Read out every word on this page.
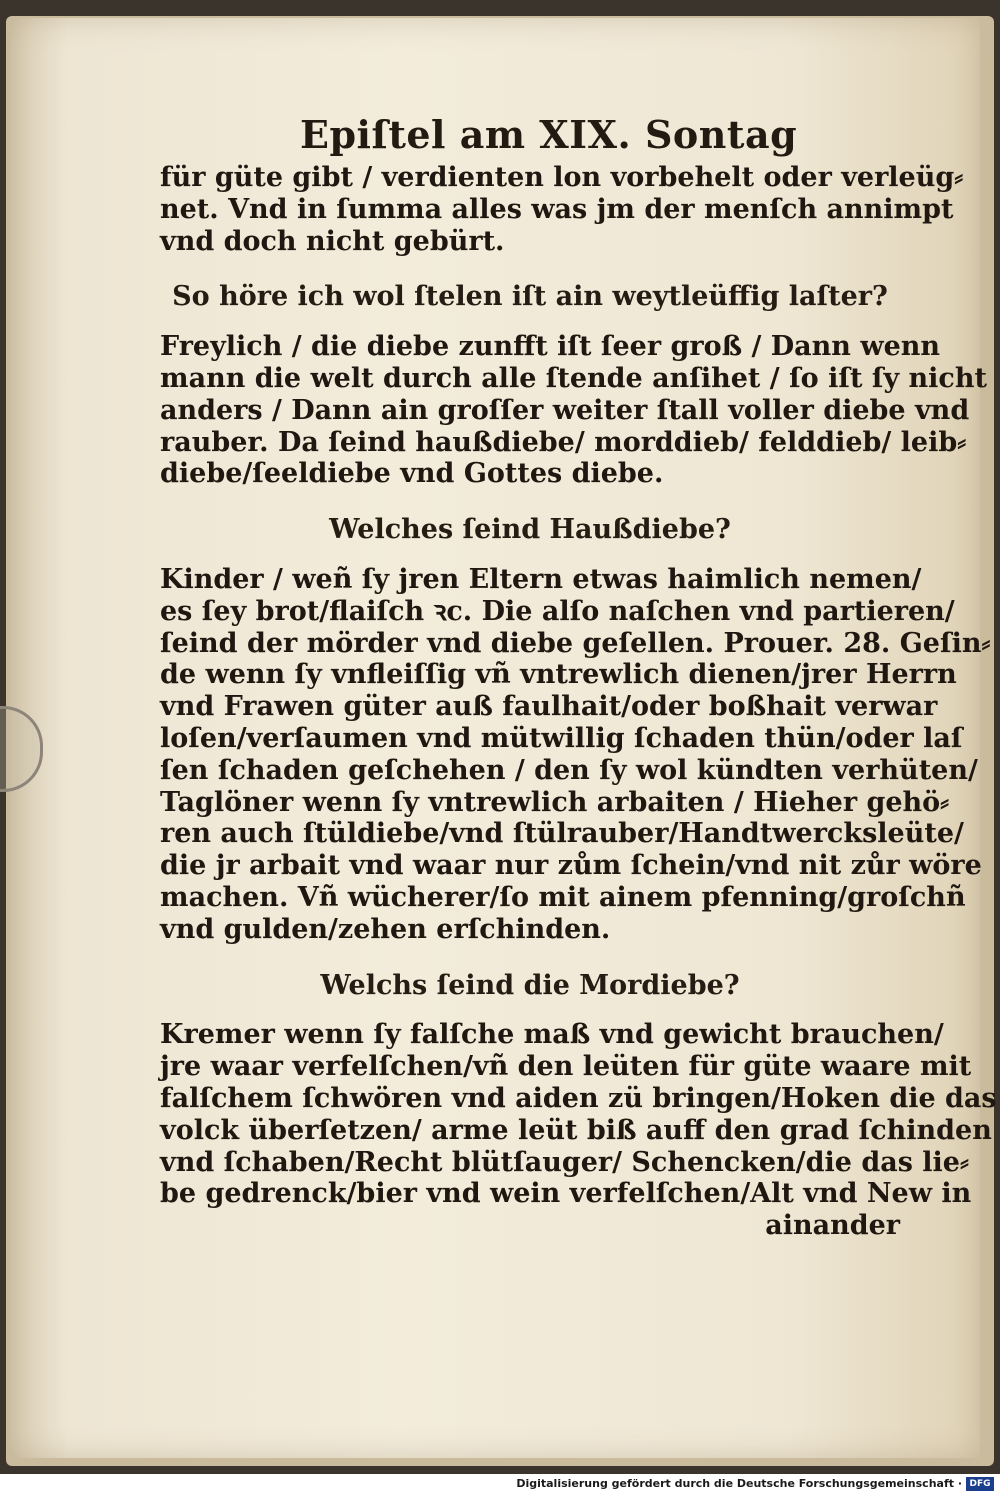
Epiſtel am XIX. Sontag
für güte gibt / verdienten lon vorbehelt oder verleüg⸗
net. Vnd in ſumma alles was jm der menſch annimpt
vnd doch nicht gebürt.
So höre ich wol ſtelen iſt ain weytleüffig laſter?
Freylich / die diebe zunfft iſt ſeer groß / Dann wenn
mann die welt durch alle ſtende anſihet / ſo iſt ſy nicht
anders / Dann ain groſſer weiter ſtall voller diebe vnd
rauber. Da ſeind haußdiebe/ morddieb/ felddieb/ leib⸗
diebe/ſeeldiebe vnd Gottes diebe.
Welches ſeind Haußdiebe?
Kinder / weñ ſy jren Eltern etwas haimlich nemen/
es ſey brot/flaiſch ꝛc. Die alſo naſchen vnd partieren/
ſeind der mörder vnd diebe geſellen. Prouer. 28. Geſin⸗
de wenn ſy vnfleiſſig vñ vntrewlich dienen/jrer Herrn
vnd Frawen güter auß faulhait/oder boßhait verwar
loſen/verſaumen vnd mütwillig ſchaden thün/oder laſ
ſen ſchaden geſchehen / den ſy wol kündten verhüten/
Taglöner wenn ſy vntrewlich arbaiten / Hieher gehö⸗
ren auch ſtüldiebe/vnd ſtülrauber/Handtwercksleüte/
die jr arbait vnd waar nur zům ſchein/vnd nit zůr wöre
machen. Vñ wücherer/ſo mit ainem pfenning/groſchñ
vnd gulden/zehen erſchinden.
Welchs ſeind die Mordiebe?
Kremer wenn ſy falſche maß vnd gewicht brauchen/
jre waar verfelſchen/vñ den leüten für güte waare mit
falſchem ſchwören vnd aiden zü bringen/Hoken die das
volck überſetzen/ arme leüt biß auff den grad ſchinden
vnd ſchaben/Recht blütſauger/ Schencken/die das lie⸗
be gedrenck/bier vnd wein verfelſchen/Alt vnd New in
ainander
Digitalisierung gefördert durch die Deutsche Forschungsgemeinschaft · DFG
